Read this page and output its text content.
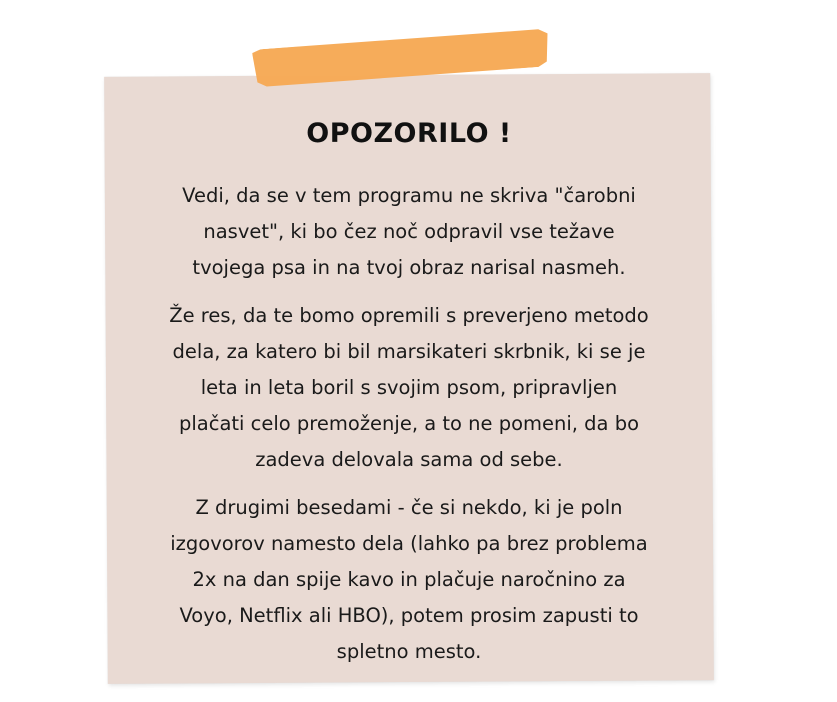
OPOZORILO !

Vedi, da se v tem programu ne skriva "čarobni
nasvet", ki bo čez noč odpravil vse težave
tvojega psa in na tvoj obraz narisal nasmeh.

Že res, da te bomo opremili s preverjeno metodo
dela, za katero bi bil marsikateri skrbnik, ki se je
leta in leta boril s svojim psom, pripravljen
plačati celo premoženje, a to ne pomeni, da bo
zadeva delovala sama od sebe.

Z drugimi besedami - če si nekdo, ki je poln
izgovorov namesto dela (lahko pa brez problema
2x na dan spije kavo in plačuje naročnino za
Voyo, Netflix ali HBO), potem prosim zapusti to
spletno mesto.
